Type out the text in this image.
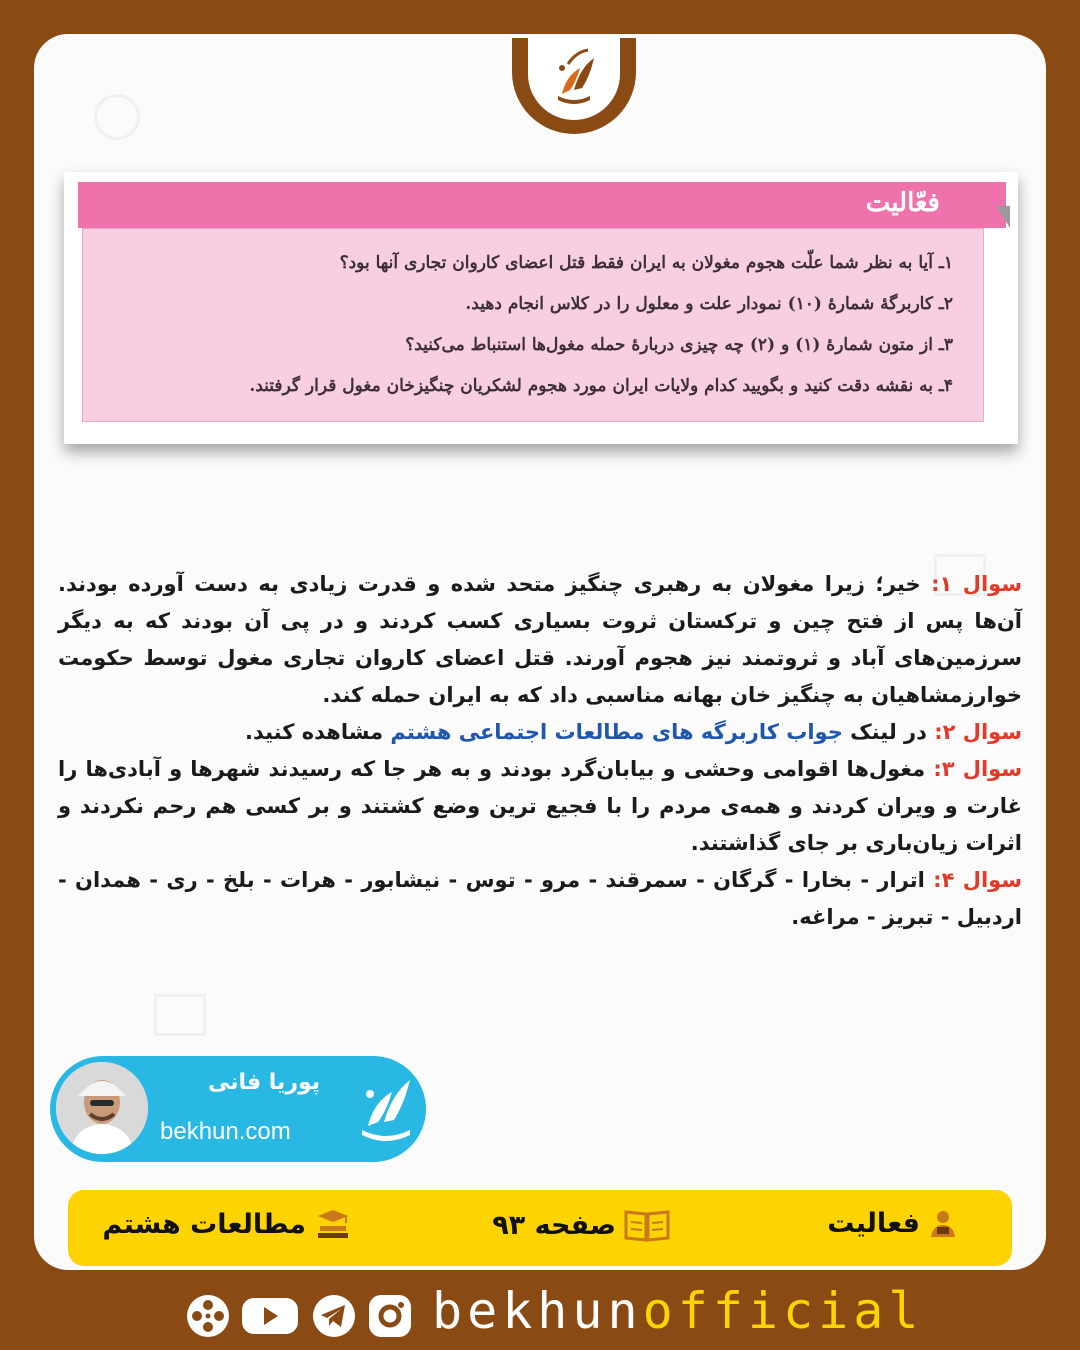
فعّالیت
۱ـ آیا به نظر شما علّت هجوم مغولان به ایران فقط قتل اعضای کاروان تجاری آنها بود؟
۲ـ کاربرگهٔ شمارهٔ (۱۰) نمودار علت و معلول را در کلاس انجام دهید.
۳ـ از متون شمارهٔ (۱) و (۲) چه چیزی دربارهٔ حمله مغول‌ها استنباط می‌کنید؟
۴ـ به نقشه دقت کنید و بگویید کدام ولایات ایران مورد هجوم لشکریان چنگیزخان مغول قرار گرفتند.

سوال ۱: خیر؛ زیرا مغولان به رهبری چنگیز متحد شده و قدرت زیادی به دست آورده بودند. آن‌ها پس از فتح چین و ترکستان ثروت بسیاری کسب کردند و در پی آن بودند که به دیگر سرزمین‌های آباد و ثروتمند نیز هجوم آورند. قتل اعضای کاروان تجاری مغول توسط حکومت خوارزمشاهیان به چنگیز خان بهانه مناسبی داد که به ایران حمله کند.

سوال ۲: در لینک جواب کاربرگه های مطالعات اجتماعی هشتم مشاهده کنید.

سوال ۳: مغول‌ها اقوامی وحشی و بیابان‌گرد بودند و به هر جا که رسیدند شهرها و آبادی‌ها را غارت و ویران کردند و همه‌ی مردم را با فجیع ترین وضع کشتند و بر کسی هم رحم نکردند و اثرات زیان‌باری بر جای گذاشتند.

سوال ۴: اترار - بخارا - گرگان - سمرقند - مرو - توس - نیشابور - هرات - بلخ - ری - همدان - اردبیل - تبریز - مراغه.

پوریا فانی
bekhun.com
فعالیت
صفحه ۹۳
مطالعات هشتم
bekhunofficial
